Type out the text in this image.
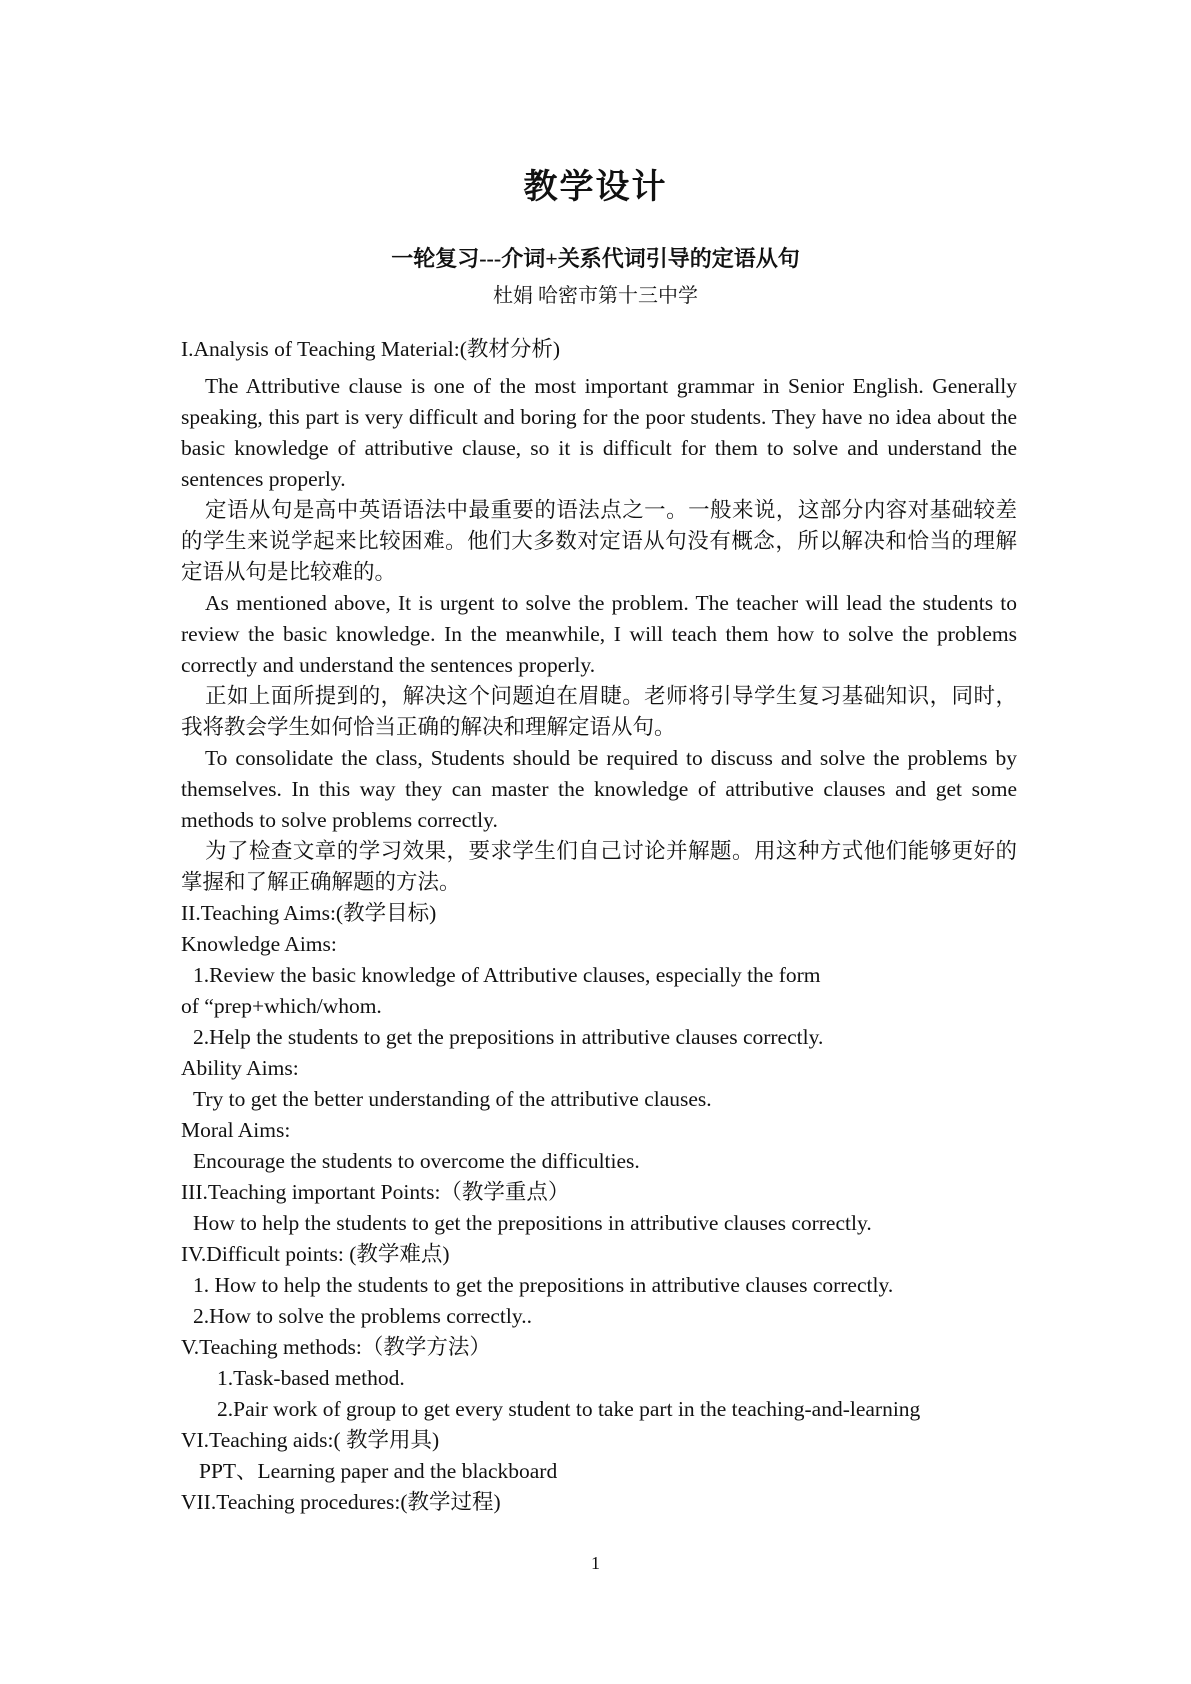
教学设计
一轮复习---介词+关系代词引导的定语从句

杜娟 哈密市第十三中学

I.Analysis of Teaching Material:(教材分析)

The Attributive clause is one of the most important grammar in Senior English. Generally speaking, this part is very difficult and boring for the poor students. They have no idea about the basic knowledge of attributive clause, so it is difficult for them to solve and understand the sentences properly.

定语从句是高中英语语法中最重要的语法点之一。一般来说，这部分内容对基础较差的学生来说学起来比较困难。他们大多数对定语从句没有概念，所以解决和恰当的理解定语从句是比较难的。

As mentioned above, It is urgent to solve the problem. The teacher will lead the students to review the basic knowledge. In the meanwhile, I will teach them how to solve the problems correctly and understand the sentences properly.

正如上面所提到的，解决这个问题迫在眉睫。老师将引导学生复习基础知识，同时，我将教会学生如何恰当正确的解决和理解定语从句。

To consolidate the class, Students should be required to discuss and solve the problems by themselves. In this way they can master the knowledge of attributive clauses and get some methods to solve problems correctly.

为了检查文章的学习效果，要求学生们自己讨论并解题。用这种方式他们能够更好的掌握和了解正确解题的方法。

II.Teaching Aims:(教学目标)

Knowledge Aims:

1.Review the basic knowledge of Attributive clauses, especially the form

of “prep+which/whom.

2.Help the students to get the prepositions in attributive clauses correctly.

Ability Aims:

Try to get the better understanding of the attributive clauses.

Moral Aims:

Encourage the students to overcome the difficulties.

III.Teaching important Points:（教学重点）

How to help the students to get the prepositions in attributive clauses correctly.

IV.Difficult points: (教学难点)

1. How to help the students to get the prepositions in attributive clauses correctly.

2.How to solve the problems correctly..

V.Teaching methods:（教学方法）

1.Task-based method.

2.Pair work of group to get every student to take part in the teaching-and-learning

VI.Teaching aids:( 教学用具)

PPT、Learning paper and the blackboard

VII.Teaching procedures:(教学过程)

1
